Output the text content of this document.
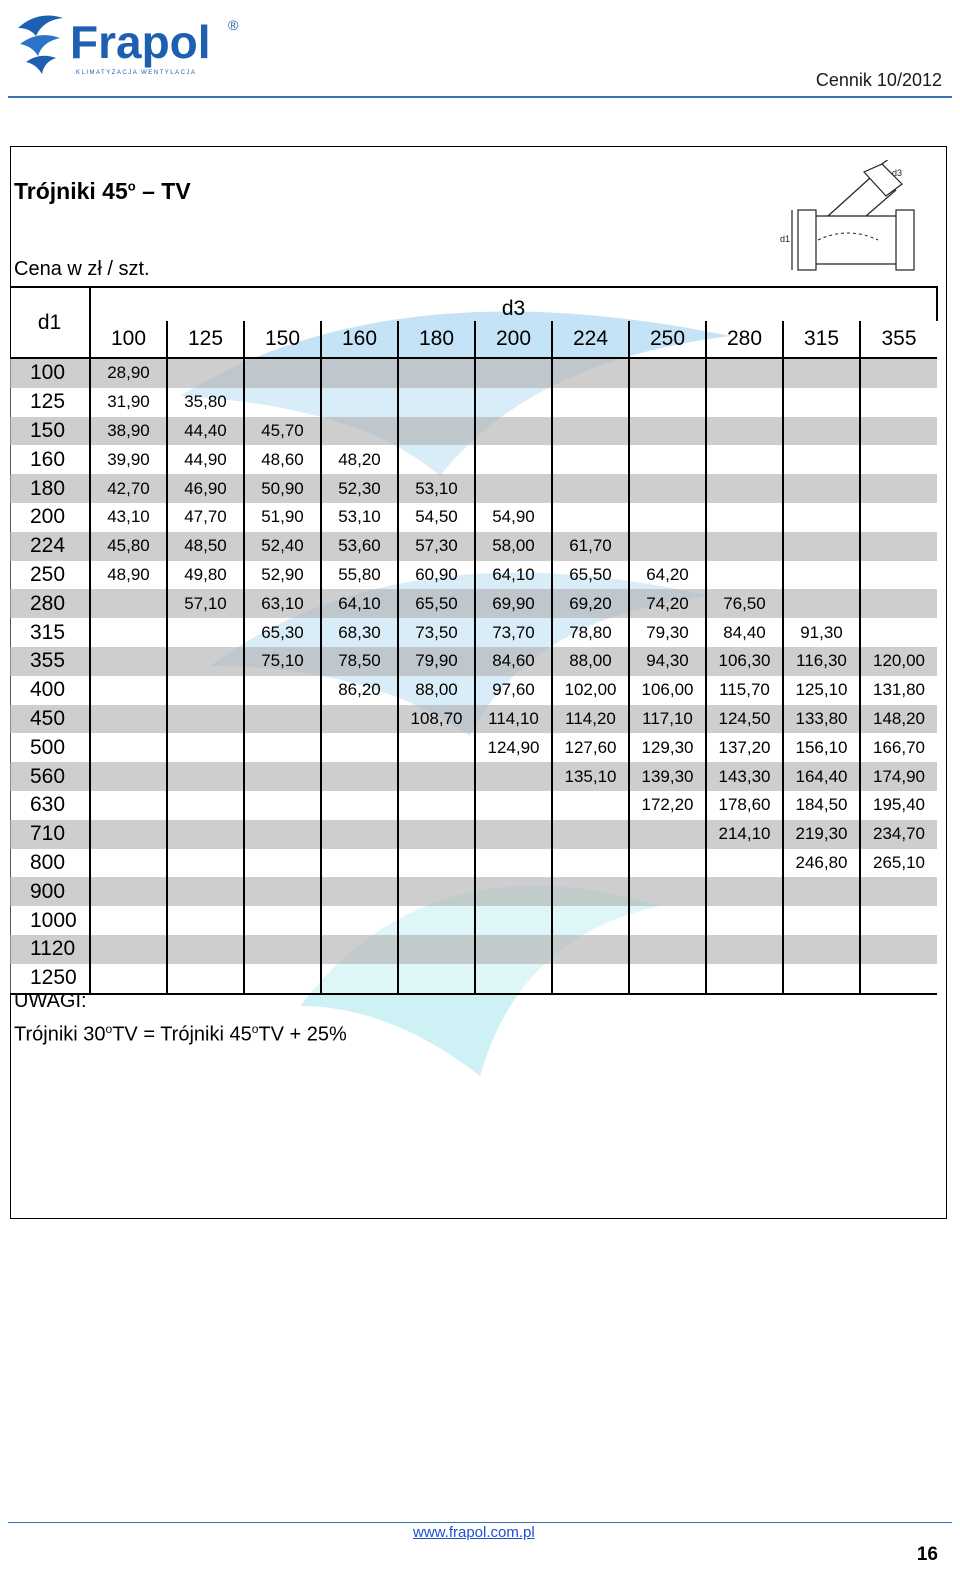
Frapol ®
KLIMATYZACJA WENTYLACJA	Cennik 10/2012
Trójniki 45$^o$ – TV
Cena w zł / szt.
d1
d3
d1	d3										
	100	125	150	160	180	200	224	250	280	315	355
100	28,90										
125	31,90	35,80									
150	38,90	44,40	45,70								
160	39,90	44,90	48,60	48,20							
180	42,70	46,90	50,90	52,30	53,10						
200	43,10	47,70	51,90	53,10	54,50	54,90					
224	45,80	48,50	52,40	53,60	57,30	58,00	61,70				
250	48,90	49,80	52,90	55,80	60,90	64,10	65,50	64,20			
280		57,10	63,10	64,10	65,50	69,90	69,20	74,20	76,50		
315			65,30	68,30	73,50	73,70	78,80	79,30	84,40	91,30	
355			75,10	78,50	79,90	84,60	88,00	94,30	106,30	116,30	120,00
400				86,20	88,00	97,60	102,00	106,00	115,70	125,10	131,80
450					108,70	114,10	114,20	117,10	124,50	133,80	148,20
500						124,90	127,60	129,30	137,20	156,10	166,70
560							135,10	139,30	143,30	164,40	174,90
630								172,20	178,60	184,50	195,40
710									214,10	219,30	234,70
800										246,80	265,10
900											
1000											
1120											
1250											
UWAGI:
Trójniki $30^oTV$ = Trójniki $45^oTV + 25\%$
www.frapol.com.pl
16
